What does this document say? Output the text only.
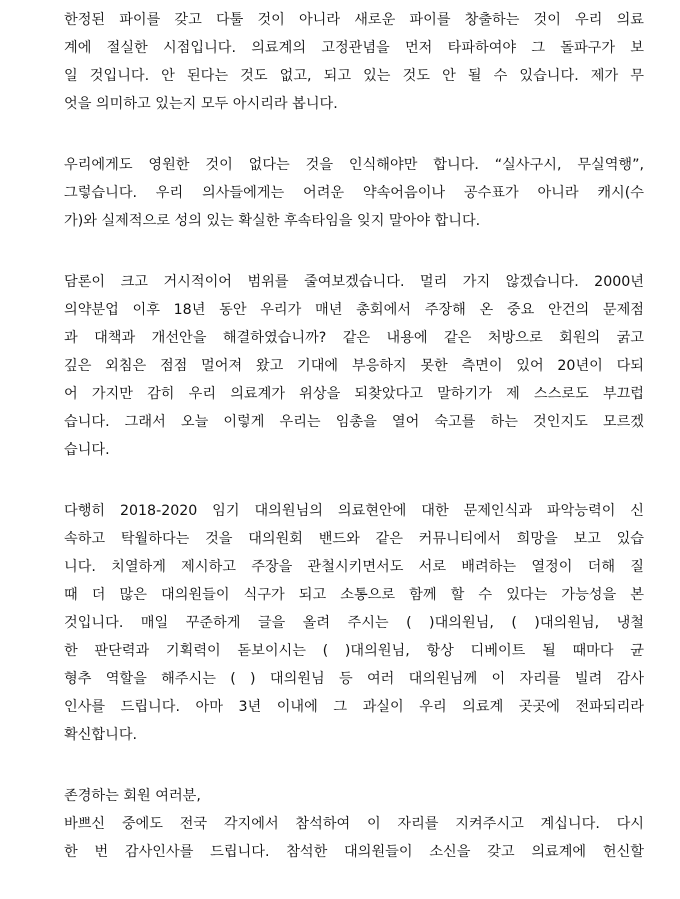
한정된 파이를 갖고 다툴 것이 아니라 새로운 파이를 창출하는 것이 우리 의료
계에 절실한 시점입니다. 의료계의 고정관념을 먼저 타파하여야 그 돌파구가 보
일 것입니다. 안 된다는 것도 없고, 되고 있는 것도 안 될 수 있습니다. 제가 무
엇을 의미하고 있는지 모두 아시리라 봅니다.
우리에게도 영원한 것이 없다는 것을 인식해야만 합니다. “실사구시, 무실역행”,
그렇습니다. 우리 의사들에게는 어려운 약속어음이나 공수표가 아니라 캐시(수
가)와 실제적으로 성의 있는 확실한 후속타임을 잊지 말아야 합니다.
담론이 크고 거시적이어 범위를 줄여보겠습니다. 멀리 가지 않겠습니다. 2000년
의약분업 이후 18년 동안 우리가 매년 총회에서 주장해 온 중요 안건의 문제점
과 대책과 개선안을 해결하였습니까? 같은 내용에 같은 처방으로 회원의 굵고
깊은 외침은 점점 멀어져 왔고 기대에 부응하지 못한 측면이 있어 20년이 다되
어 가지만 감히 우리 의료계가 위상을 되찾았다고 말하기가 제 스스로도 부끄럽
습니다. 그래서 오늘 이렇게 우리는 임총을 열어 숙고를 하는 것인지도 모르겠
습니다.
다행히 2018-2020 임기 대의원님의 의료현안에 대한 문제인식과 파악능력이 신
속하고 탁월하다는 것을 대의원회 밴드와 같은 커뮤니티에서 희망을 보고 있습
니다. 치열하게 제시하고 주장을 관철시키면서도 서로 배려하는 열정이 더해 질
때 더 많은 대의원들이 식구가 되고 소통으로 함께 할 수 있다는 가능성을 본
것입니다. 매일 꾸준하게 글을 올려 주시는 ( )대의원님, ( )대의원님, 냉철
한 판단력과 기획력이 돋보이시는 ( )대의원님, 항상 디베이트 될 때마다 균
형추 역할을 해주시는 ( ) 대의원님 등 여러 대의원님께 이 자리를 빌려 감사
인사를 드립니다. 아마 3년 이내에 그 과실이 우리 의료계 곳곳에 전파되리라
확신합니다.
존경하는 회원 여러분,
바쁘신 중에도 전국 각지에서 참석하여 이 자리를 지켜주시고 계십니다. 다시
한 번 감사인사를 드립니다. 참석한 대의원들이 소신을 갖고 의료계에 헌신할
